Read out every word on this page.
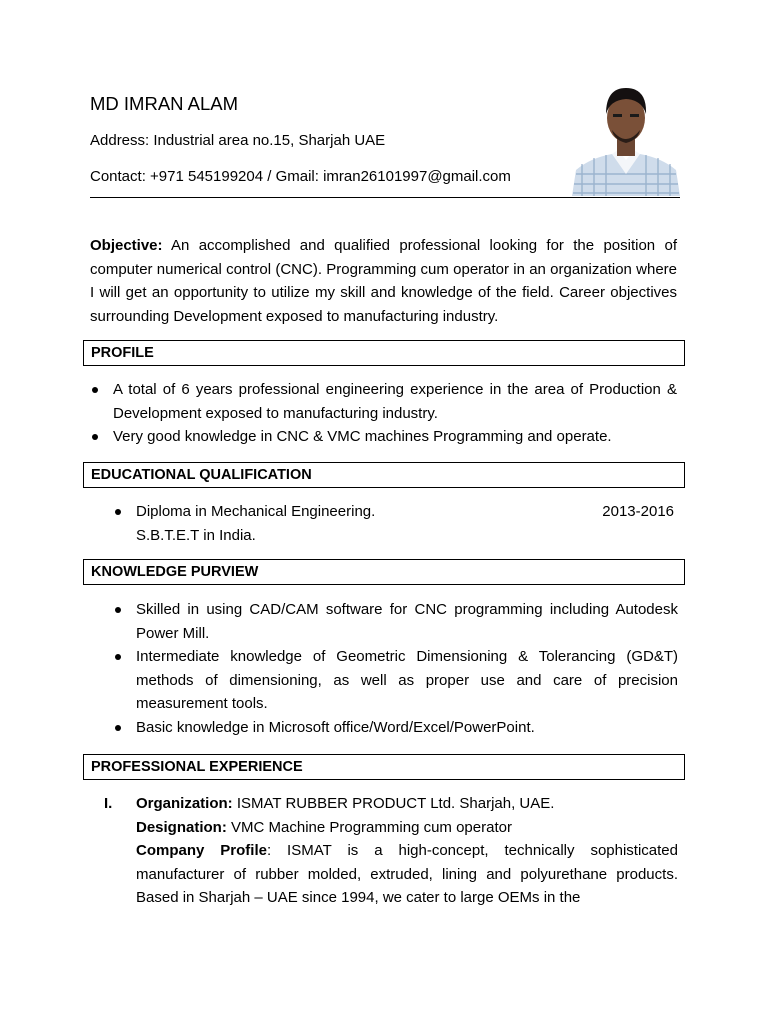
MD IMRAN ALAM
Address: Industrial area no.15, Sharjah UAE
Contact: +971 545199204 / Gmail: imran26101997@gmail.com
Objective: An accomplished and qualified professional looking for the position of computer numerical control (CNC). Programming cum operator in an organization where I will get an opportunity to utilize my skill and knowledge of the field. Career objectives surrounding Development exposed to manufacturing industry.
PROFILE
A total of 6 years professional engineering experience in the area of Production & Development exposed to manufacturing industry.
Very good knowledge in CNC & VMC machines Programming and operate.
EDUCATIONAL QUALIFICATION
Diploma in Mechanical Engineering.	2013-2016
S.B.T.E.T in India.
KNOWLEDGE PURVIEW
Skilled in using CAD/CAM software for CNC programming including Autodesk Power Mill.
Intermediate knowledge of Geometric Dimensioning & Tolerancing (GD&T) methods of dimensioning, as well as proper use and care of precision measurement tools.
Basic knowledge in Microsoft office/Word/Excel/PowerPoint.
PROFESSIONAL EXPERIENCE
I. Organization: ISMAT RUBBER PRODUCT Ltd. Sharjah, UAE.
Designation: VMC Machine Programming cum operator
Company Profile: ISMAT is a high-concept, technically sophisticated manufacturer of rubber molded, extruded, lining and polyurethane products. Based in Sharjah – UAE since 1994, we cater to large OEMs in the
